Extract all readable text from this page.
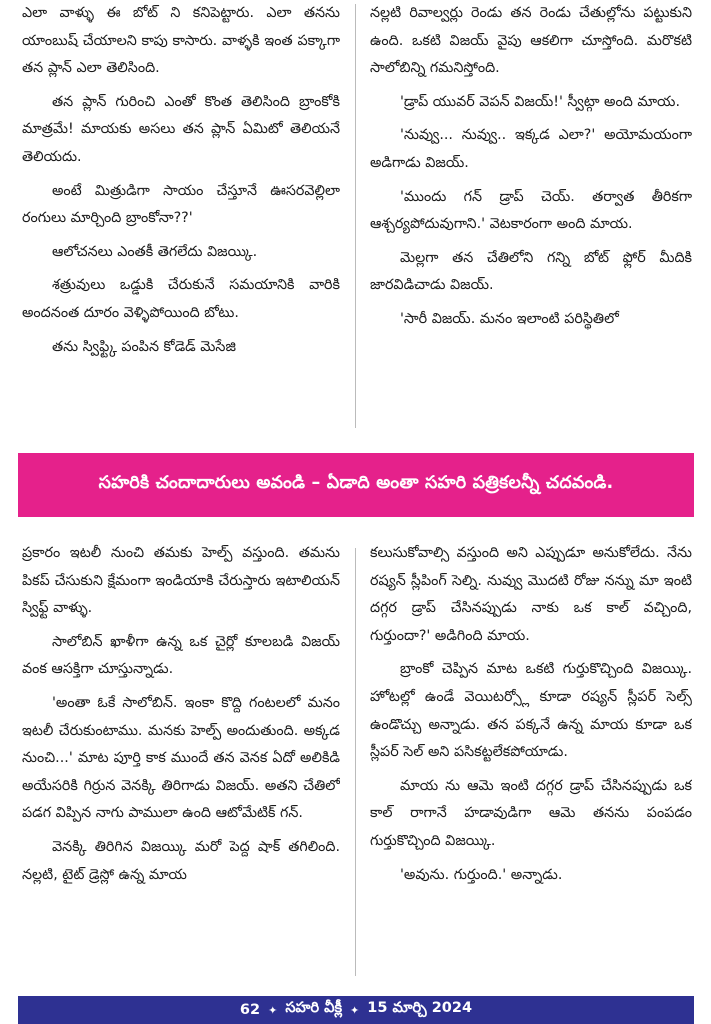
ఎలా వాళ్ళు ఈ బోట్ ని కనిపెట్టారు. ఎలా తనను యాంబుష్ చేయాలని కాపు కాసారు. వాళ్ళకి ఇంత పక్కాగా తన ప్లాన్ ఎలా తెలిసింది.

తన ప్లాన్ గురించి ఎంతో కొంత తెలిసింది బ్రాంకోకి మాత్రమే! మాయకు అసలు తన ప్లాన్ ఏమిటో తెలియనే తెలియదు.

అంటే మిత్రుడిగా సాయం చేస్తూనే ఊసరవెల్లిలా రంగులు మార్చింది బ్రాంకోనా??'

ఆలోచనలు ఎంతకీ తెగలేదు విజయ్కి.

శత్రువులు ఒడ్డుకి చేరుకునే సమయానికి వారికి అందనంత దూరం వెళ్ళిపోయింది బోటు.

తను స్విఫ్ట్కి పంపిన కోడెడ్ మెసేజి

నల్లటి రివాల్వర్లు రెండు తన రెండు చేతుల్లోను పట్టుకుని ఉంది. ఒకటి విజయ్ వైపు ఆకలిగా చూస్తోంది. మరొకటి సాలోబిన్ని గమనిస్తోంది.

'డ్రాప్ యువర్ వెపన్ విజయ్!' స్వీట్గా అంది మాయ.

'నువ్వు... నువ్వు.. ఇక్కడ ఎలా?' అయోమయంగా అడిగాడు విజయ్.

'ముందు గన్ డ్రాప్ చెయ్. తర్వాత తీరికగా ఆశ్చర్యపోదువుగాని.' వెటకారంగా అంది మాయ.

మెల్లగా తన చేతిలోని గన్ని బోట్ ఫ్లోర్ మీదికి జారవిడిచాడు విజయ్.

'సారీ విజయ్. మనం ఇలాంటి పరిస్థితిలో

సహరికి చందాదారులు అవండి – ఏడాది అంతా సహరి పత్రికలన్నీ చదవండి.

ప్రకారం ఇటలీ నుంచి తమకు హెల్ప్ వస్తుంది. తమను పికప్ చేసుకుని క్షేమంగా ఇండియాకి చేరుస్తారు ఇటాలియన్ స్విఫ్ట్ వాళ్ళు.

సాలోబిన్ ఖాళీగా ఉన్న ఒక చైర్లో కూలబడి విజయ్ వంక ఆసక్తిగా చూస్తున్నాడు.

'అంతా ఓకే సాలోబిన్. ఇంకా కొద్ది గంటలలో మనం ఇటలీ చేరుకుంటాము. మనకు హెల్ప్ అందుతుంది. అక్కడ నుంచి...' మాట పూర్తి కాక ముందే తన వెనక ఏదో అలికిడి అయేసరికి గిర్రున వెనక్కి తిరిగాడు విజయ్. అతని చేతిలో పడగ విప్పిన నాగు పాములా ఉంది ఆటోమేటిక్ గన్.

వెనక్కి తిరిగిన విజయ్కి మరో పెద్ద షాక్ తగిలింది. నల్లటి, టైట్ డ్రెస్లో ఉన్న మాయ

కలుసుకోవాల్సి వస్తుంది అని ఎప్పుడూ అనుకోలేదు. నేను రష్యన్ స్లీపింగ్ సెల్ని. నువ్వు మొదటి రోజు నన్ను మా ఇంటి దగ్గర డ్రాప్ చేసినప్పుడు నాకు ఒక కాల్ వచ్చింది, గుర్తుందా?' అడిగింది మాయ.

బ్రాంకో చెప్పిన మాట ఒకటి గుర్తుకొచ్చింది విజయ్కి. హోటల్లో ఉండే వెయిటర్స్లో కూడా రష్యన్ స్లీపర్ సెల్స్ ఉండొచ్చు అన్నాడు. తన పక్కనే ఉన్న మాయ కూడా ఒక స్లీపర్ సెల్ అని పసికట్టలేకపోయాడు.

మాయ ను ఆమె ఇంటి దగ్గర డ్రాప్ చేసినప్పుడు ఒక కాల్ రాగానే హడావుడిగా ఆమె తనను పంపడం గుర్తుకొచ్చింది విజయ్కి.

'అవును. గుర్తుంది.' అన్నాడు.

62 ✦ సహరి వీక్లీ ✦ 15 మార్చి 2024
